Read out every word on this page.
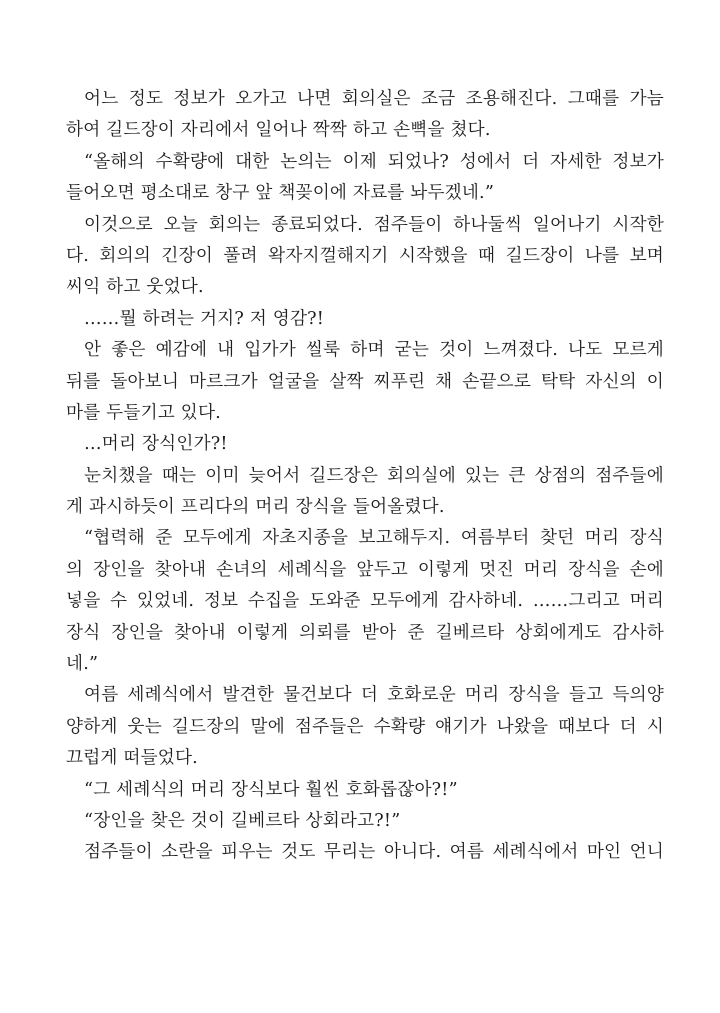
어느 정도 정보가 오가고 나면 회의실은 조금 조용해진다. 그때를 가늠
하여 길드장이 자리에서 일어나 짝짝 하고 손뼉을 쳤다.
“올해의 수확량에 대한 논의는 이제 되었나? 성에서 더 자세한 정보가
들어오면 평소대로 창구 앞 책꽂이에 자료를 놔두겠네.”
이것으로 오늘 회의는 종료되었다. 점주들이 하나둘씩 일어나기 시작한
다. 회의의 긴장이 풀려 왁자지껄해지기 시작했을 때 길드장이 나를 보며
씨익 하고 웃었다.
……뭘 하려는 거지? 저 영감?!
안 좋은 예감에 내 입가가 씰룩 하며 굳는 것이 느껴졌다. 나도 모르게
뒤를 돌아보니 마르크가 얼굴을 살짝 찌푸린 채 손끝으로 탁탁 자신의 이
마를 두들기고 있다.
…머리 장식인가?!
눈치챘을 때는 이미 늦어서 길드장은 회의실에 있는 큰 상점의 점주들에
게 과시하듯이 프리다의 머리 장식을 들어올렸다.
“협력해 준 모두에게 자초지종을 보고해두지. 여름부터 찾던 머리 장식
의 장인을 찾아내 손녀의 세례식을 앞두고 이렇게 멋진 머리 장식을 손에
넣을 수 있었네. 정보 수집을 도와준 모두에게 감사하네. ……그리고 머리
장식 장인을 찾아내 이렇게 의뢰를 받아 준 길베르타 상회에게도 감사하
네.”
여름 세례식에서 발견한 물건보다 더 호화로운 머리 장식을 들고 득의양
양하게 웃는 길드장의 말에 점주들은 수확량 얘기가 나왔을 때보다 더 시
끄럽게 떠들었다.
“그 세례식의 머리 장식보다 훨씬 호화롭잖아?!”
“장인을 찾은 것이 길베르타 상회라고?!”
점주들이 소란을 피우는 것도 무리는 아니다. 여름 세례식에서 마인 언니
